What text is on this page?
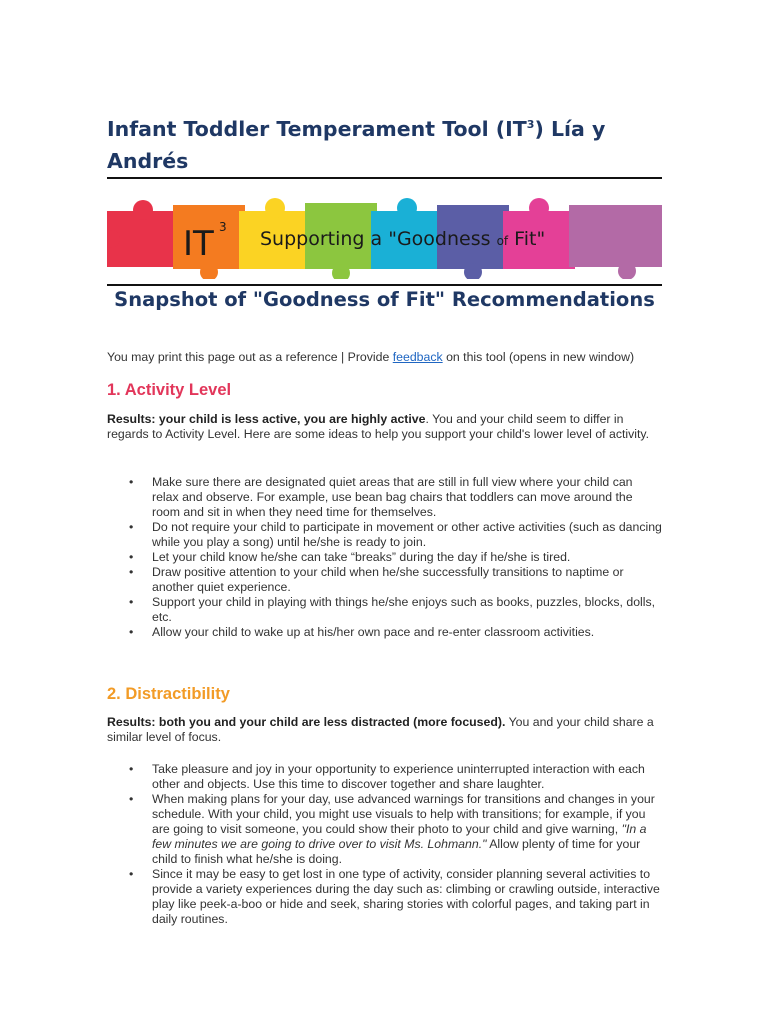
Infant Toddler Temperament Tool $(IT^3)$ Lía y Andrés
IT 3
Supporting a "Goodness of Fit"
Snapshot of "Goodness of Fit" Recommendations

You may print this page out as a reference | Provide feedback on this tool (opens in new window)

1. Activity Level

Results: your child is less active, you are highly active. You and your child seem to differ in regards to Activity Level. Here are some ideas to help you support your child's lower level of activity.

• Make sure there are designated quiet areas that are still in full view where your child can relax and observe. For example, use bean bag chairs that toddlers can move around the room and sit in when they need time for themselves.
• Do not require your child to participate in movement or other active activities (such as dancing while you play a song) until he/she is ready to join.
• Let your child know he/she can take “breaks” during the day if he/she is tired.
• Draw positive attention to your child when he/she successfully transitions to naptime or another quiet experience.
• Support your child in playing with things he/she enjoys such as books, puzzles, blocks, dolls, etc.
• Allow your child to wake up at his/her own pace and re-enter classroom activities.
2. Distractibility

Results: both you and your child are less distracted (more focused). You and your child share a similar level of focus.

• Take pleasure and joy in your opportunity to experience uninterrupted interaction with each other and objects. Use this time to discover together and share laughter.
• When making plans for your day, use advanced warnings for transitions and changes in your schedule. With your child, you might use visuals to help with transitions; for example, if you are going to visit someone, you could show their photo to your child and give warning, "In a few minutes we are going to drive over to visit Ms. Lohmann." Allow plenty of time for your child to finish what he/she is doing.
• Since it may be easy to get lost in one type of activity, consider planning several activities to provide a variety experiences during the day such as: climbing or crawling outside, interactive play like peek-a-boo or hide and seek, sharing stories with colorful pages, and taking part in daily routines.
